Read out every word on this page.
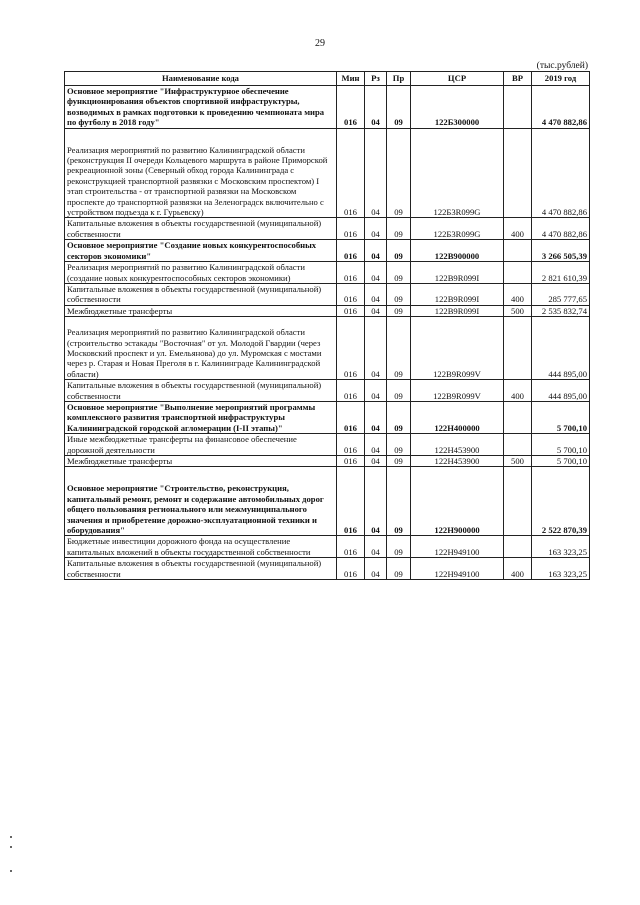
29
(тыс.рублей)
Наименование кода	Мин	Рз	Пр	ЦСР	ВР	2019 год
Основное мероприятие "Инфраструктурное обеспечение функционирования объектов спортивной инфраструктуры, возводимых в рамках подготовки к проведению чемпионата мира по футболу в 2018 году"	016	04	09	122Б300000		4 470 882,86

Реализация мероприятий по развитию Калининградской области (реконструкция II очереди Кольцевого маршрута в районе Приморской рекреационной зоны (Северный обход города Калининграда с реконструкцией транспортной развязки с Московским проспектом) I этап строительства - от транспортной развязки на Московском проспекте до транспортной развязки на Зеленоградск включительно с устройством подъезда к г. Гурьевску)	016	04	09	122Б3R099G		4 470 882,86
Капитальные вложения в объекты государственной (муниципальной) собственности	016	04	09	122Б3R099G	400	4 470 882,86
Основное мероприятие "Создание новых конкурентоспособных секторов экономики"	016	04	09	122В900000		3 266 505,39
Реализация мероприятий по развитию Калининградской области (создание новых конкурентоспособных секторов экономики)	016	04	09	122В9R099I		2 821 610,39
Капитальные вложения в объекты государственной (муниципальной) собственности	016	04	09	122В9R099I	400	285 777,65
Межбюджетные трансферты	016	04	09	122В9R099I	500	2 535 832,74

Реализация мероприятий по развитию Калининградской области (строительство эстакады "Восточная" от ул. Молодой Гвардии (через Московский проспект и ул. Емельянова) до ул. Муромская с мостами через р. Старая и Новая Преголя в г. Калининграде Калининградской области)	016	04	09	122В9R099V		444 895,00
Капитальные вложения в объекты государственной (муниципальной) собственности	016	04	09	122В9R099V	400	444 895,00
Основное мероприятие "Выполнение мероприятий программы комплексного развития транспортной инфраструктуры Калининградской городской агломерации (I-II этапы)"	016	04	09	122Н400000		5 700,10
Иные межбюджетные трансферты на финансовое обеспечение дорожной деятельности	016	04	09	122Н453900		5 700,10
Межбюджетные трансферты	016	04	09	122Н453900	500	5 700,10

Основное мероприятие "Строительство, реконструкция, капитальный ремонт, ремонт и содержание автомобильных дорог общего пользования регионального или межмуниципального значения и приобретение дорожно-эксплуатационной техники и оборудования"	016	04	09	122Н900000		2 522 870,39
Бюджетные инвестиции дорожного фонда на осуществление капитальных вложений в объекты государственной собственности	016	04	09	122Н949100		163 323,25
Капитальные вложения в объекты государственной (муниципальной) собственности	016	04	09	122Н949100	400	163 323,25
